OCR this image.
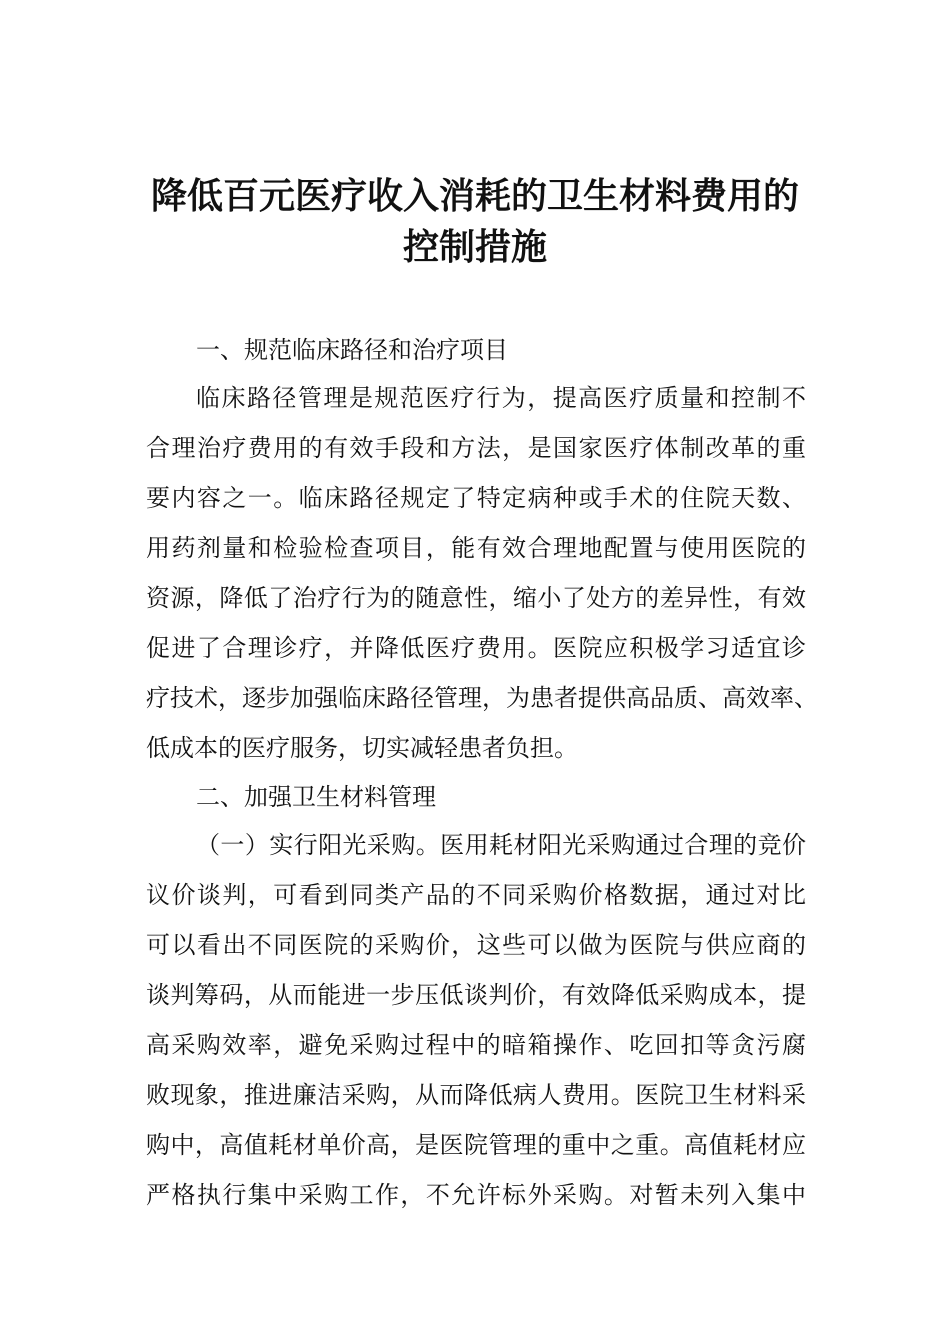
降低百元医疗收入消耗的卫生材料费用的
控制措施
一、规范临床路径和治疗项目
临床路径管理是规范医疗行为，提高医疗质量和控制不
合理治疗费用的有效手段和方法，是国家医疗体制改革的重
要内容之一。临床路径规定了特定病种或手术的住院天数、
用药剂量和检验检查项目，能有效合理地配置与使用医院的
资源，降低了治疗行为的随意性，缩小了处方的差异性，有效
促进了合理诊疗，并降低医疗费用。医院应积极学习适宜诊
疗技术，逐步加强临床路径管理，为患者提供高品质、高效率、
低成本的医疗服务，切实减轻患者负担。
二、加强卫生材料管理
（一）实行阳光采购。医用耗材阳光采购通过合理的竞价
议价谈判，可看到同类产品的不同采购价格数据，通过对比
可以看出不同医院的采购价，这些可以做为医院与供应商的
谈判筹码，从而能进一步压低谈判价，有效降低采购成本，提
高采购效率，避免采购过程中的暗箱操作、吃回扣等贪污腐
败现象，推进廉洁采购，从而降低病人费用。医院卫生材料采
购中，高值耗材单价高，是医院管理的重中之重。高值耗材应
严格执行集中采购工作，不允许标外采购。对暂未列入集中
